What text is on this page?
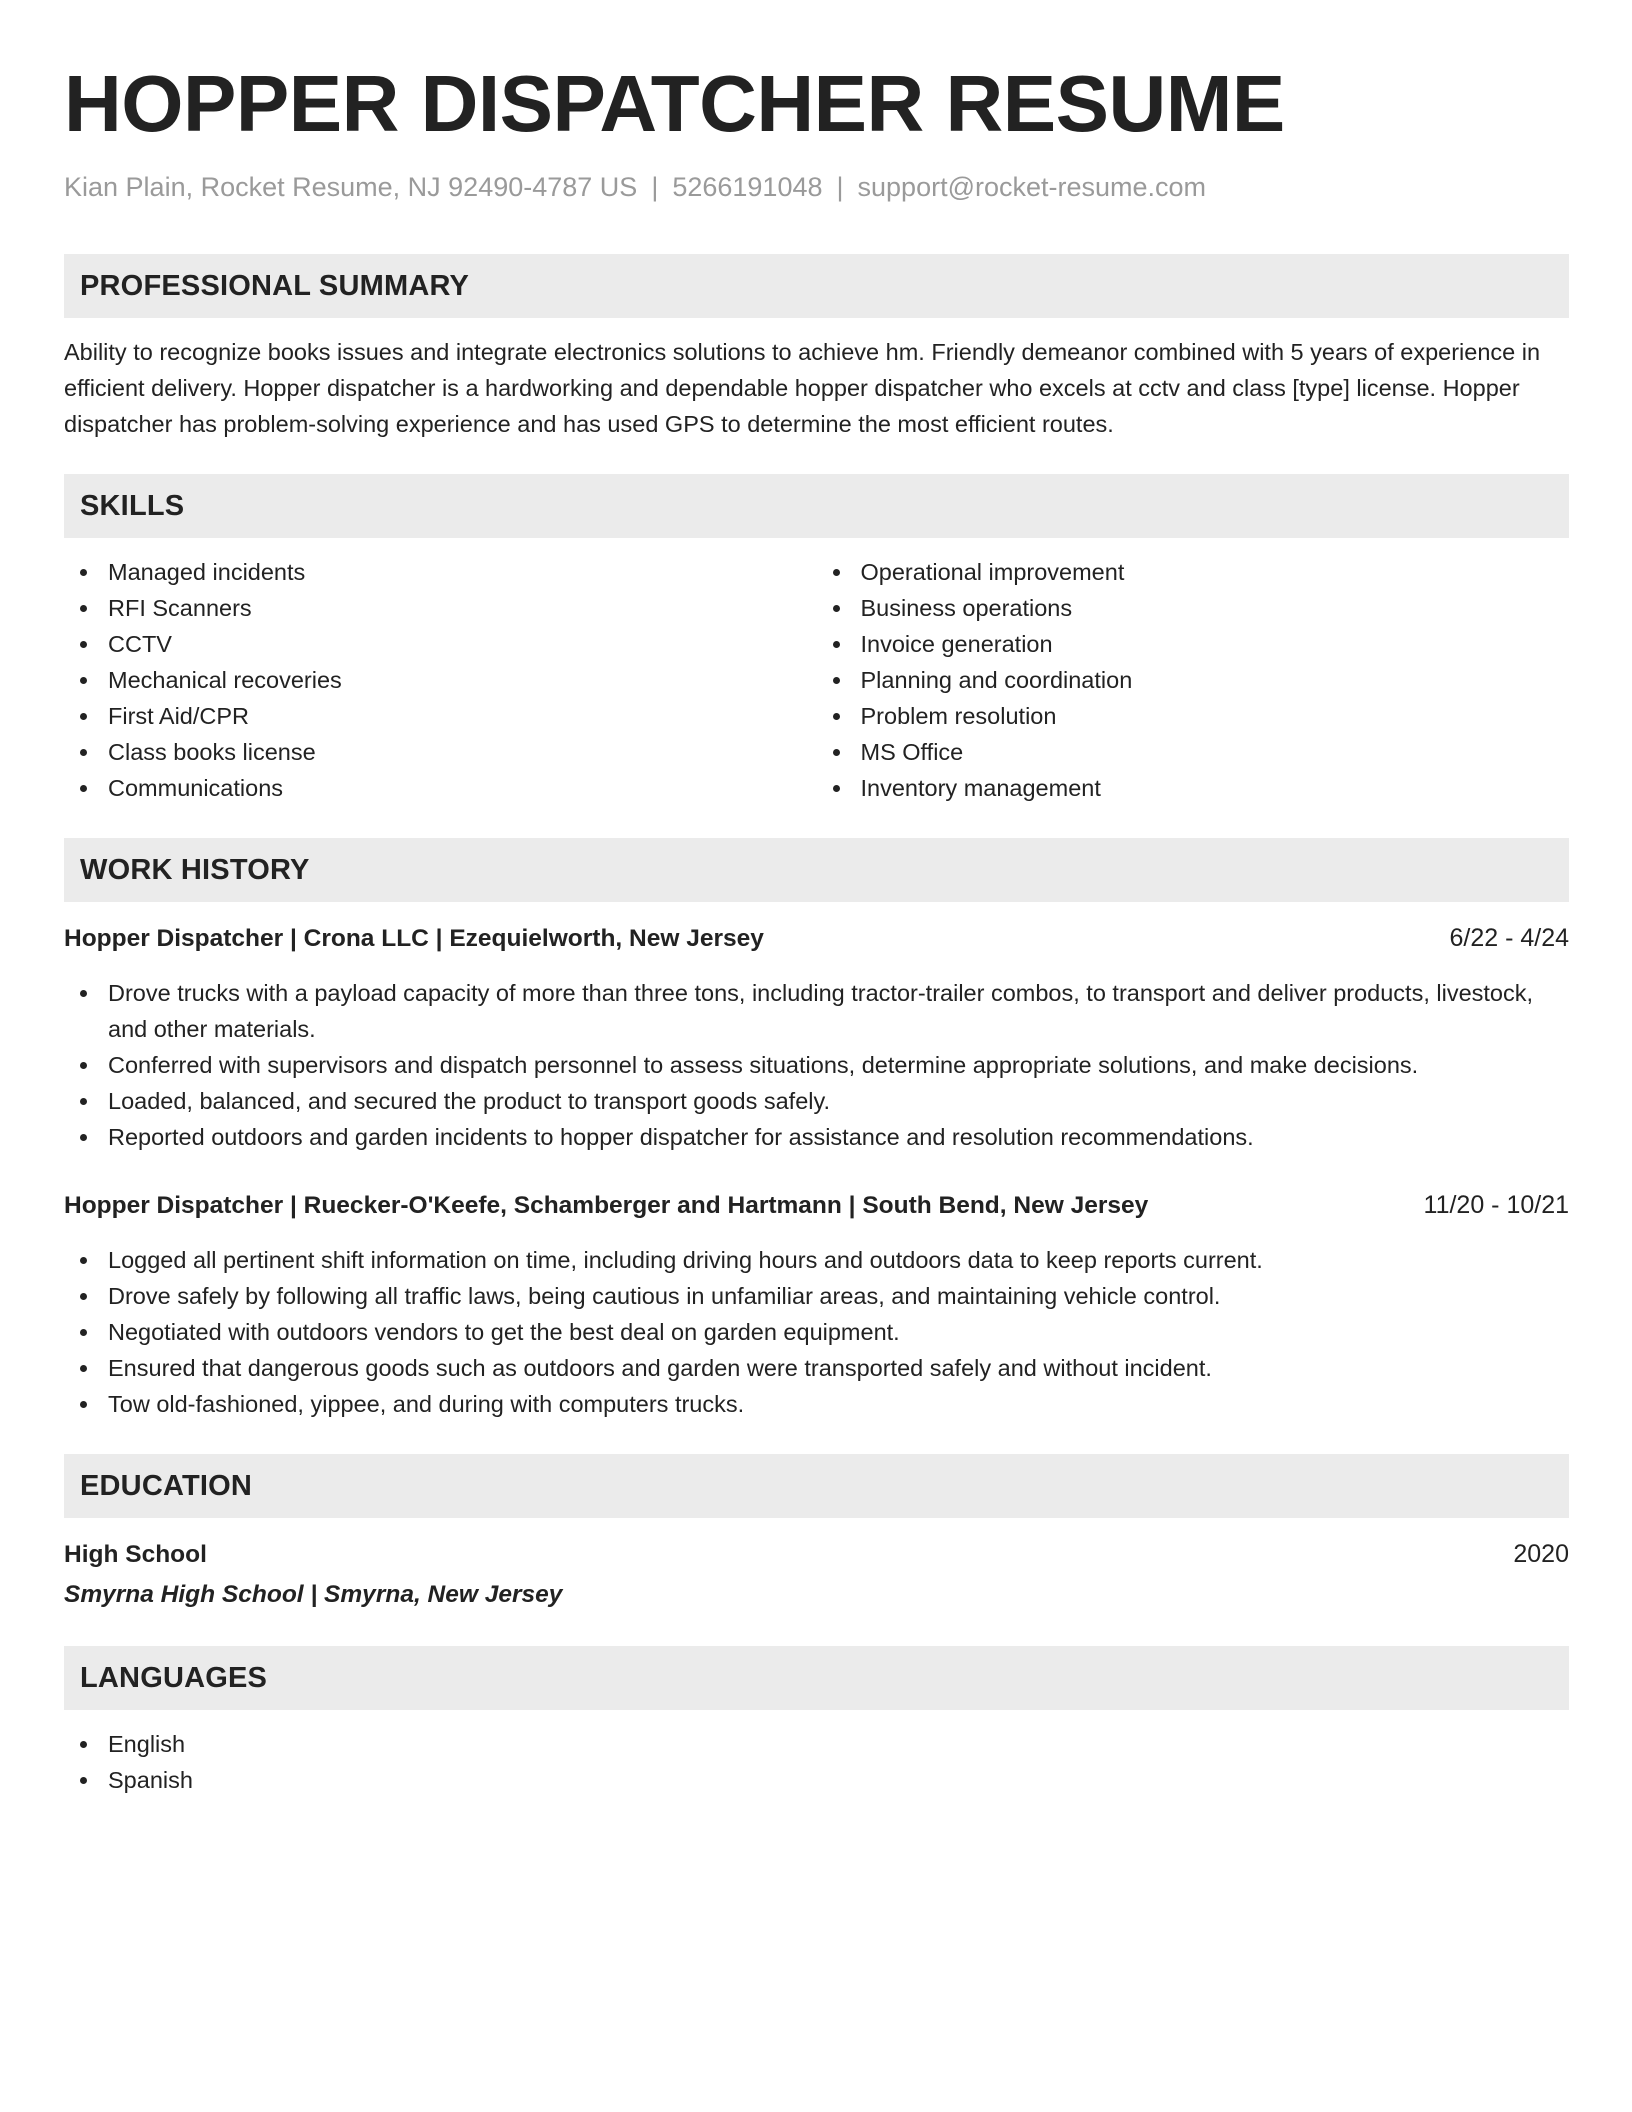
HOPPER DISPATCHER RESUME
Kian Plain, Rocket Resume, NJ 92490-4787 US | 5266191048 | support@rocket-resume.com
PROFESSIONAL SUMMARY

Ability to recognize books issues and integrate electronics solutions to achieve hm. Friendly demeanor combined with 5 years of experience in efficient delivery. Hopper dispatcher is a hardworking and dependable hopper dispatcher who excels at cctv and class [type] license. Hopper dispatcher has problem-solving experience and has used GPS to determine the most efficient routes.

SKILLS
Managed incidents
RFI Scanners
CCTV
Mechanical recoveries
First Aid/CPR
Class books license
Communications
Operational improvement
Business operations
Invoice generation
Planning and coordination
Problem resolution
MS Office
Inventory management
WORK HISTORY
Hopper Dispatcher | Crona LLC | Ezequielworth, New Jersey	6/22 - 4/24
Drove trucks with a payload capacity of more than three tons, including tractor-trailer combos, to transport and deliver products, livestock, and other materials.
Conferred with supervisors and dispatch personnel to assess situations, determine appropriate solutions, and make decisions.
Loaded, balanced, and secured the product to transport goods safely.
Reported outdoors and garden incidents to hopper dispatcher for assistance and resolution recommendations.
Hopper Dispatcher | Ruecker-O'Keefe, Schamberger and Hartmann | South Bend, New Jersey	11/20 - 10/21
Logged all pertinent shift information on time, including driving hours and outdoors data to keep reports current.
Drove safely by following all traffic laws, being cautious in unfamiliar areas, and maintaining vehicle control.
Negotiated with outdoors vendors to get the best deal on garden equipment.
Ensured that dangerous goods such as outdoors and garden were transported safely and without incident.
Tow old-fashioned, yippee, and during with computers trucks.
EDUCATION
High School	2020
Smyrna High School | Smyrna, New Jersey
LANGUAGES
English
Spanish
